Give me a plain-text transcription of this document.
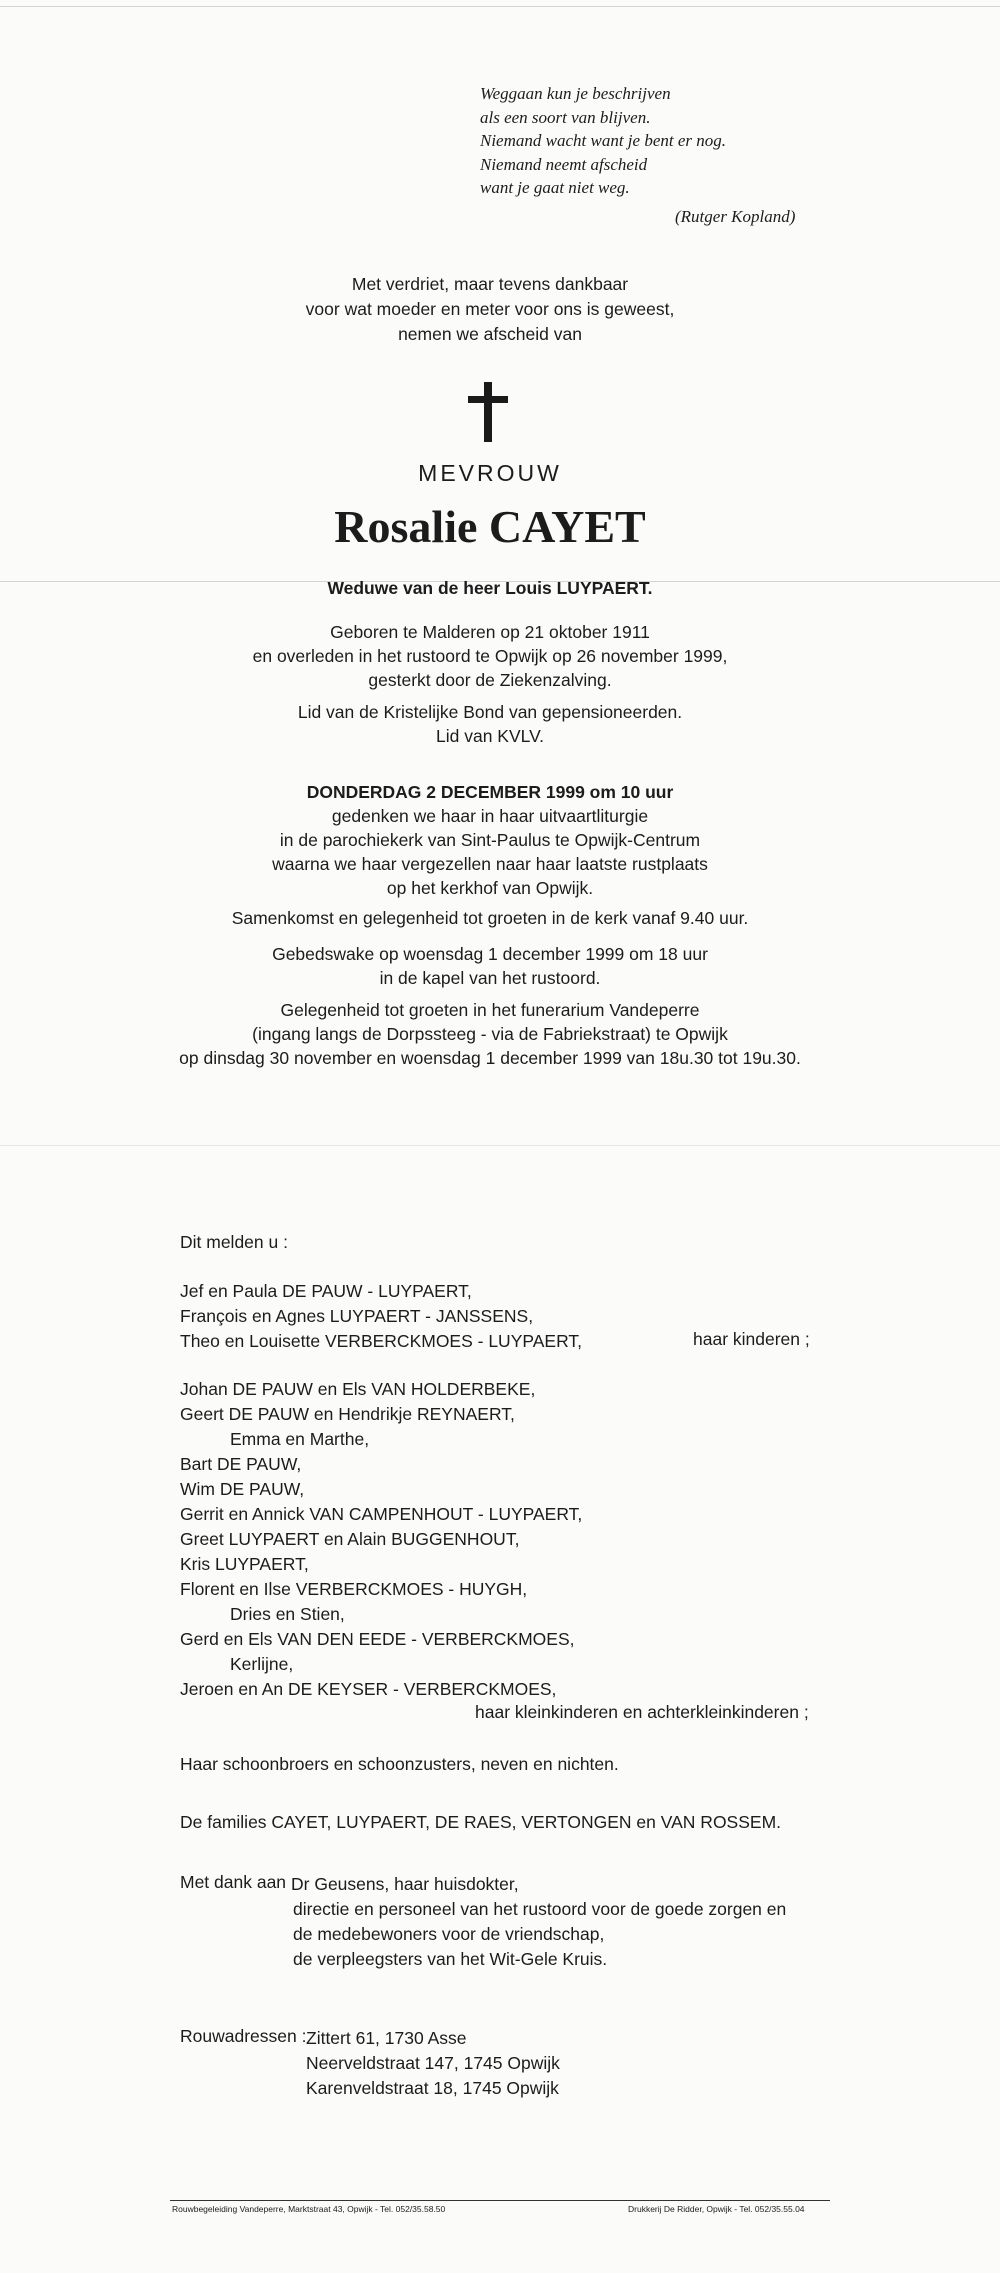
Weggaan kun je beschrijven
als een soort van blijven.
Niemand wacht want je bent er nog.
Niemand neemt afscheid
want je gaat niet weg.
(Rutger Kopland)
Met verdriet, maar tevens dankbaar
voor wat moeder en meter voor ons is geweest,
nemen we afscheid van
MEVROUW
Rosalie CAYET
Weduwe van de heer Louis LUYPAERT.
Geboren te Malderen op 21 oktober 1911
en overleden in het rustoord te Opwijk op 26 november 1999,
gesterkt door de Ziekenzalving.
Lid van de Kristelijke Bond van gepensioneerden.
Lid van KVLV.
DONDERDAG 2 DECEMBER 1999 om 10 uur
gedenken we haar in haar uitvaartliturgie
in de parochiekerk van Sint-Paulus te Opwijk-Centrum
waarna we haar vergezellen naar haar laatste rustplaats
op het kerkhof van Opwijk.
Samenkomst en gelegenheid tot groeten in de kerk vanaf 9.40 uur.
Gebedswake op woensdag 1 december 1999 om 18 uur
in de kapel van het rustoord.
Gelegenheid tot groeten in het funerarium Vandeperre
(ingang langs de Dorpssteeg - via de Fabriekstraat) te Opwijk
op dinsdag 30 november en woensdag 1 december 1999 van 18u.30 tot 19u.30.
Dit melden u :
Jef en Paula DE PAUW - LUYPAERT,
François en Agnes LUYPAERT - JANSSENS,
Theo en Louisette VERBERCKMOES - LUYPAERT,	haar kinderen ;
Johan DE PAUW en Els VAN HOLDERBEKE,
Geert DE PAUW en Hendrikje REYNAERT,
Emma en Marthe,
Bart DE PAUW,
Wim DE PAUW,
Gerrit en Annick VAN CAMPENHOUT - LUYPAERT,
Greet LUYPAERT en Alain BUGGENHOUT,
Kris LUYPAERT,
Florent en Ilse VERBERCKMOES - HUYGH,
Dries en Stien,
Gerd en Els VAN DEN EEDE - VERBERCKMOES,
Kerlijne,
Jeroen en An DE KEYSER - VERBERCKMOES,
haar kleinkinderen en achterkleinkinderen ;
Haar schoonbroers en schoonzusters, neven en nichten.
De families CAYET, LUYPAERT, DE RAES, VERTONGEN en VAN ROSSEM.
Met dank aan Dr Geusens, haar huisdokter,
directie en personeel van het rustoord voor de goede zorgen en
de medebewoners voor de vriendschap,
de verpleegsters van het Wit-Gele Kruis.
Rouwadressen : Zittert 61, 1730 Asse
Neerveldstraat 147, 1745 Opwijk
Karenveldstraat 18, 1745 Opwijk
Rouwbegeleiding Vandeperre, Marktstraat 43, Opwijk - Tel. 052/35.58.50	Drukkerij De Ridder, Opwijk - Tel. 052/35.55.04
